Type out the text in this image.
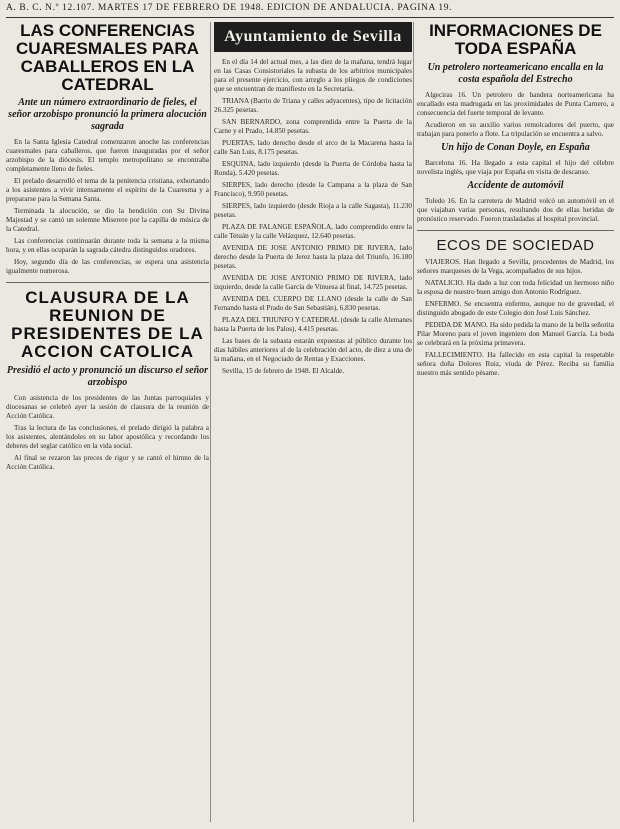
A. B. C. N.º 12.107. MARTES 17 DE FEBRERO DE 1948. EDICION DE ANDALUCIA. PAGINA 19.
LAS CONFERENCIAS CUARESMALES PARA CABALLEROS EN LA CATEDRAL
Ante un número extraordinario de fieles, el señor arzobispo pronunció la primera alocución sagrada

En la Santa Iglesia Catedral comenzaron anoche las conferencias cuaresmales para caballeros, que fueron inauguradas por el señor arzobispo de la diócesis. El templo metropolitano se encontraba completamente lleno de fieles.

El prelado desarrolló el tema de la penitencia cristiana, exhortando a los asistentes a vivir intensamente el espíritu de la Cuaresma y a prepararse para la Semana Santa.

Terminada la alocución, se dio la bendición con Su Divina Majestad y se cantó un solemne Miserere por la capilla de música de la Catedral.

Las conferencias continuarán durante toda la semana a la misma hora, y en ellas ocuparán la sagrada cátedra distinguidos oradores.

Hoy, segundo día de las conferencias, se espera una asistencia igualmente numerosa.

CLAUSURA DE LA REUNION DE PRESIDENTES DE LA ACCION CATOLICA
Presidió el acto y pronunció un discurso el señor arzobispo

Con asistencia de los presidentes de las Juntas parroquiales y diocesanas se celebró ayer la sesión de clausura de la reunión de Acción Católica.

Tras la lectura de las conclusiones, el prelado dirigió la palabra a los asistentes, alentándoles en su labor apostólica y recordando los deberes del seglar católico en la vida social.

Al final se rezaron las preces de rigor y se cantó el himno de la Acción Católica.

Ayuntamiento de Sevilla

En el día 14 del actual mes, a las diez de la mañana, tendrá lugar en las Casas Consistoriales la subasta de los arbitrios municipales para el presente ejercicio, con arreglo a los pliegos de condiciones que se encuentran de manifiesto en la Secretaría.

TRIANA (Barrio de Triana y calles adyacentes), tipo de licitación 26.325 pesetas.

SAN BERNARDO, zona comprendida entre la Puerta de la Carne y el Prado, 14.850 pesetas.

PUERTAS, lado derecho desde el arco de la Macarena hasta la calle San Luis, 8.175 pesetas.

ESQUINA, lado izquierdo (desde la Puerta de Córdoba hasta la Ronda), 5.420 pesetas.

SIERPES, lado derecho (desde la Campana a la plaza de San Francisco), 9.950 pesetas.

SIERPES, lado izquierdo (desde Rioja a la calle Sagasta), 11.230 pesetas.

PLAZA DE FALANGE ESPAÑOLA, lado comprendido entre la calle Tetuán y la calle Velázquez, 12.640 pesetas.

AVENIDA DE JOSE ANTONIO PRIMO DE RIVERA, lado derecho desde la Puerta de Jerez hasta la plaza del Triunfo, 16.180 pesetas.

AVENIDA DE JOSE ANTONIO PRIMO DE RIVERA, lado izquierdo, desde la calle García de Vinuesa al final, 14.725 pesetas.

AVENIDA DEL CUERPO DE LLANO (desde la calle de San Fernando hasta el Prado de San Sebastián), 6.830 pesetas.

PLAZA DEL TRIUNFO Y CATEDRAL (desde la calle Alemanes hasta la Puerta de los Palos), 4.415 pesetas.

Las bases de la subasta estarán expuestas al público durante los días hábiles anteriores al de la celebración del acto, de diez a una de la mañana, en el Negociado de Rentas y Exacciones.

Sevilla, 15 de febrero de 1948. El Alcalde.

INFORMACIONES DE TODA ESPAÑA
Un petrolero norteamericano encalla en la costa española del Estrecho

Algeciras 16. Un petrolero de bandera norteamericana ha encallado esta madrugada en las proximidades de Punta Carnero, a consecuencia del fuerte temporal de levante.

Acudieron en su auxilio varios remolcadores del puerto, que trabajan para ponerlo a flote. La tripulación se encuentra a salvo.

Un hijo de Conan Doyle, en España

Barcelona 16. Ha llegado a esta capital el hijo del célebre novelista inglés, que viaja por España en visita de descanso.

Accidente de automóvil

Toledo 16. En la carretera de Madrid volcó un automóvil en el que viajaban varias personas, resultando dos de ellas heridas de pronóstico reservado. Fueron trasladadas al hospital provincial.

ECOS DE SOCIEDAD

VIAJEROS. Han llegado a Sevilla, procedentes de Madrid, los señores marqueses de la Vega, acompañados de sus hijos.

NATALICIO. Ha dado a luz con toda felicidad un hermoso niño la esposa de nuestro buen amigo don Antonio Rodríguez.

ENFERMO. Se encuentra enfermo, aunque no de gravedad, el distinguido abogado de este Colegio don José Luis Sánchez.

PEDIDA DE MANO. Ha sido pedida la mano de la bella señorita Pilar Moreno para el joven ingeniero don Manuel García. La boda se celebrará en la próxima primavera.

FALLECIMIENTO. Ha fallecido en esta capital la respetable señora doña Dolores Ruiz, viuda de Pérez. Reciba su familia nuestro más sentido pésame.
